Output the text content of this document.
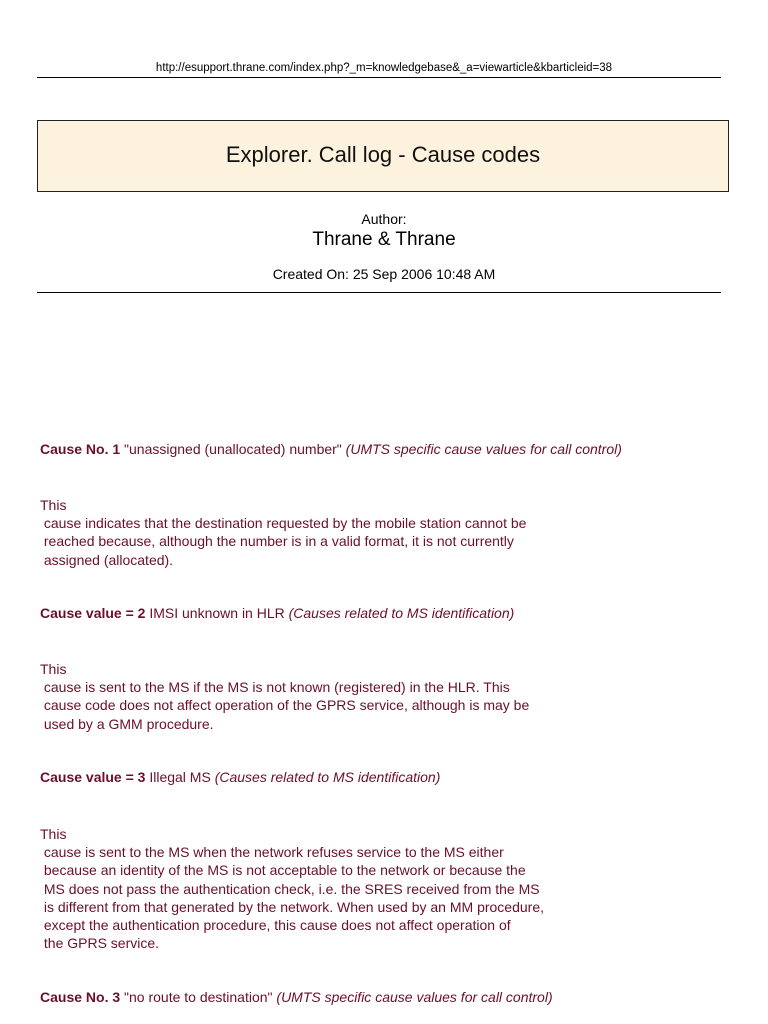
http://esupport.thrane.com/index.php?_m=knowledgebase&_a=viewarticle&kbarticleid=38
Explorer. Call log - Cause codes
Author:
Thrane & Thrane
Created On: 25 Sep 2006 10:48 AM
Cause No. 1 "unassigned (unallocated) number" (UMTS specific cause values for call control)
This
cause indicates that the destination requested by the mobile station cannot be
reached because, although the number is in a valid format, it is not currently
assigned (allocated).
Cause value = 2 IMSI unknown in HLR (Causes related to MS identification)
This
cause is sent to the MS if the MS is not known (registered) in the HLR. This
cause code does not affect operation of the GPRS service, although is may be
used by a GMM procedure.
Cause value = 3 Illegal MS (Causes related to MS identification)
This
cause is sent to the MS when the network refuses service to the MS either
because an identity of the MS is not acceptable to the network or because the
MS does not pass the authentication check, i.e. the SRES received from the MS
is different from that generated by the network. When used by an MM procedure,
except the authentication procedure, this cause does not affect operation of
the GPRS service.
Cause No. 3 "no route to destination" (UMTS specific cause values for call control)
